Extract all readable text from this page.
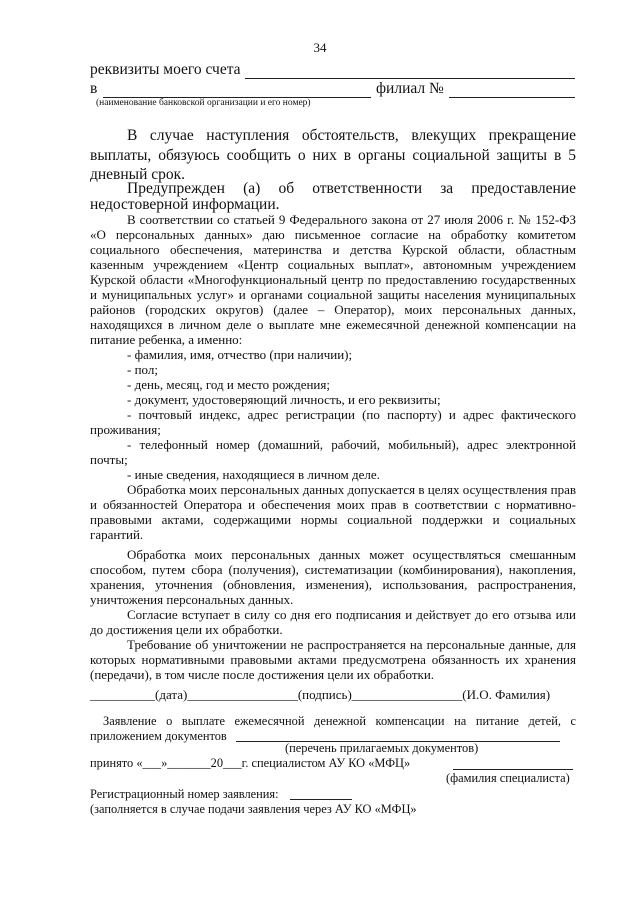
34
реквизиты моего счета
в	филиал №
(наименование банковской организации и его номер)
В случае наступления обстоятельств, влекущих прекращение
выплаты, обязуюсь сообщить о них в органы социальной защиты в 5
дневный срок.
Предупрежден (а) об ответственности за предоставление
недостоверной информации.
В соответствии со статьей 9 Федерального закона от 27 июля 2006 г. № 152-ФЗ
«О персональных данных» даю письменное согласие на обработку комитетом
социального обеспечения, материнства и детства Курской области, областным
казенным учреждением «Центр социальных выплат», автономным учреждением
Курской области «Многофункциональный центр по предоставлению государственных
и муниципальных услуг» и органами социальной защиты населения муниципальных
районов (городских округов) (далее – Оператор), моих персональных данных,
находящихся в личном деле о выплате мне ежемесячной денежной компенсации на
питание ребенка, а именно:
- фамилия, имя, отчество (при наличии);
- пол;
- день, месяц, год и место рождения;
- документ, удостоверяющий личность, и его реквизиты;
- почтовый индекс, адрес регистрации (по паспорту) и адрес фактического
проживания;
- телефонный номер (домашний, рабочий, мобильный), адрес электронной
почты;
- иные сведения, находящиеся в личном деле.
Обработка моих персональных данных допускается в целях осуществления прав
и обязанностей Оператора и обеспечения моих прав в соответствии с нормативно-
правовыми актами, содержащими нормы социальной поддержки и социальных
гарантий.
Обработка моих персональных данных может осуществляться смешанным
способом, путем сбора (получения), систематизации (комбинирования), накопления,
хранения, уточнения (обновления, изменения), использования, распространения,
уничтожения персональных данных.
Согласие вступает в силу со дня его подписания и действует до его отзыва или
до достижения цели их обработки.
Требование об уничтожении не распространяется на персональные данные, для
которых нормативными правовыми актами предусмотрена обязанность их хранения
(передачи), в том числе после достижения цели их обработки.
__________(дата)_________________(подпись)_________________(И.О. Фамилия)
Заявление о выплате ежемесячной денежной компенсации на питание детей, с
приложением документов
(перечень прилагаемых документов)
принято «___»_______20___г. специалистом АУ КО «МФЦ»
(фамилия специалиста)
Регистрационный номер заявления:
(заполняется в случае подачи заявления через АУ КО «МФЦ»
